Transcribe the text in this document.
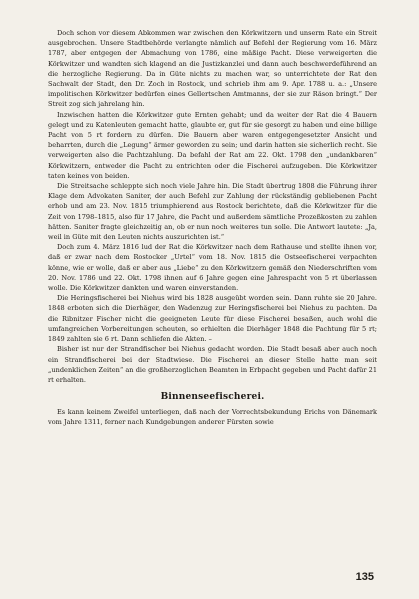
Doch schon vor diesem Abkommen war zwischen den Körkwitzern und unserm Rate ein Streit ausgebrochen. Unsere Stadtbehörde verlangte nämlich auf Befehl der Regierung vom 16. März 1787, aber entgegen der Abmachung von 1786, eine mäßige Pacht. Diese verweigerten die Körkwitzer und wandten sich klagend an die Justizkanzlei und dann auch beschwerdeführend an die herzogliche Regierung. Da in Güte nichts zu machen war, so unterrichtete der Rat den Sachwalt der Stadt, den Dr. Zoch in Rostock, und schrieb ihm am 9. Apr. 1788 u. a.: „Unsere impolitischen Körkwitzer bedürfen eines Gellertschen Amtmanns, der sie zur Räson bringt.“ Der Streit zog sich jahrelang hin.

Inzwischen hatten die Körkwitzer gute Ernten gehabt; und da weiter der Rat die 4 Bauern gelegt und zu Katenleuten gemacht hatte, glaubte er, gut für sie gesorgt zu haben und eine billige Pacht von 5 rt fordern zu dürfen. Die Bauern aber waren entgegengesetzter Ansicht und beharrten, durch die „Legung“ ärmer geworden zu sein; und darin hatten sie sicherlich recht. Sie verweigerten also die Pachtzahlung. Da befahl der Rat am 22. Okt. 1798 den „undankbaren“ Körkwitzern, entweder die Pacht zu entrichten oder die Fischerei aufzugeben. Die Körkwitzer taten keines von beiden.

Die Streitsache schleppte sich noch viele Jahre hin. Die Stadt übertrug 1808 die Führung ihrer Klage dem Advokaten Saniter, der auch Befehl zur Zahlung der rückständig gebliebenen Pacht erhob und am 23. Nov. 1815 triumphierend aus Rostock berichtete, daß die Körkwitzer für die Zeit von 1798–1815, also für 17 Jahre, die Pacht und außerdem sämtliche Prozeßkosten zu zahlen hätten. Saniter fragte gleichzeitig an, ob er nun noch weiteres tun solle. Die Antwort lautete: „Ja, weil in Güte mit den Leuten nichts auszurichten ist.“

Doch zum 4. März 1816 lud der Rat die Körkwitzer nach dem Rathause und stellte ihnen vor, daß er zwar nach dem Rostocker „Urtel“ vom 18. Nov. 1815 die Ostseefischerei verpachten könne, wie er wolle, daß er aber aus „Liebe“ zu den Körkwitzern gemäß den Niederschriften vom 20. Nov. 1786 und 22. Okt. 1798 ihnen auf 6 Jahre gegen eine Jahrespacht von 5 rt überlassen wolle. Die Körkwitzer dankten und waren einverstanden.

Die Heringsfischerei bei Niehus wird bis 1828 ausgeübt worden sein. Dann ruhte sie 20 Jahre. 1848 erboten sich die Dierhäger, den Wadenzug zur Heringsfischerei bei Niehus zu pachten. Da die Ribnitzer Fischer nicht die geeigneten Leute für diese Fischerei besaßen, auch wohl die umfangreichen Vorbereitungen scheuten, so erhielten die Dierhäger 1848 die Pachtung für 5 rt; 1849 zahlten sie 6 rt. Dann schliefen die Akten. –

Bisher ist nur der Strandfischer bei Niehus gedacht worden. Die Stadt besaß aber auch noch ein Strandfischerei bei der Stadtwiese. Die Fischerei an dieser Stelle hatte man seit „undenklichen Zeiten“ an die großherzoglichen Beamten in Erbpacht gegeben und Pacht dafür 21 rt erhalten.

Binnenseefischerei.

Es kann keinem Zweifel unterliegen, daß nach der Vorrechtsbekundung Erichs von Dänemark vom Jahre 1311, ferner nach Kundgebungen anderer Fürsten sowie

135
